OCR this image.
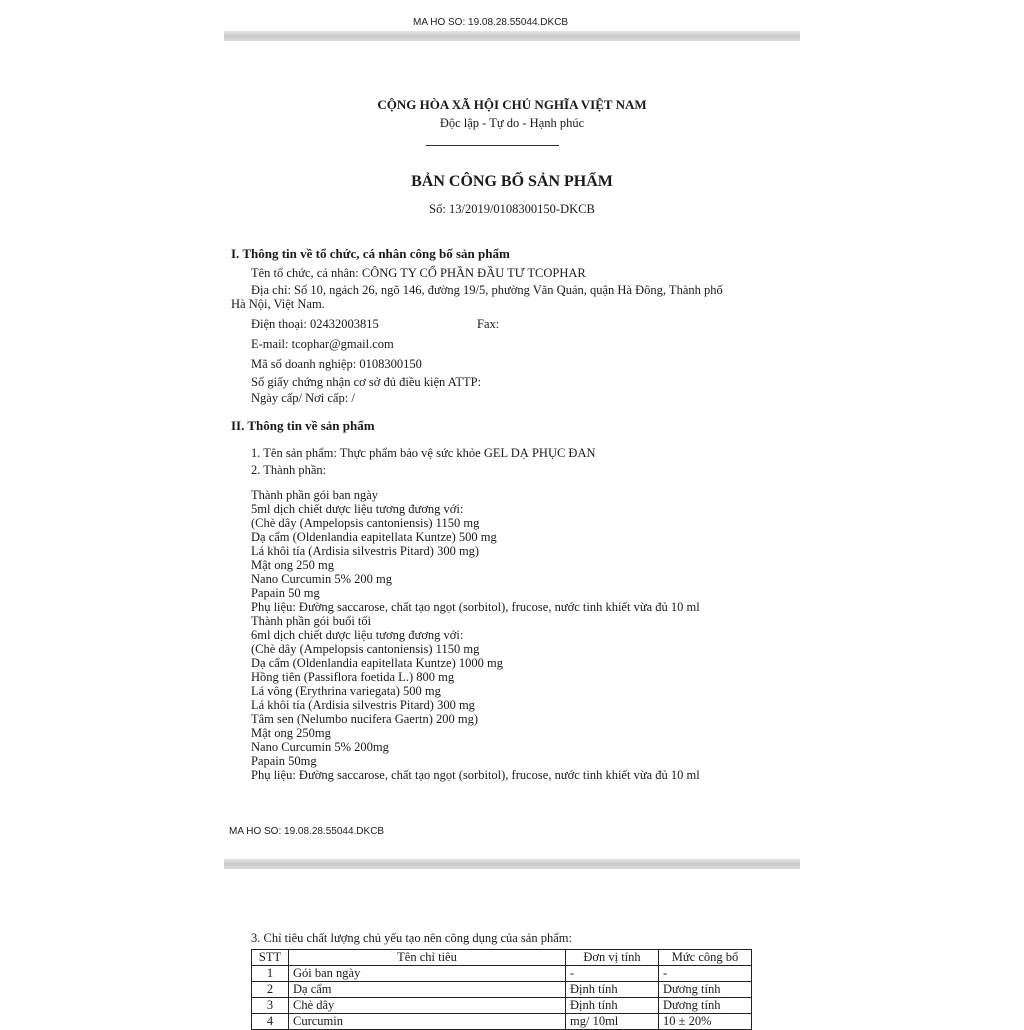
MA HO SO: 19.08.28.55044.DKCB
CỘNG HÒA XÃ HỘI CHỦ NGHĨA VIỆT NAM
Độc lập - Tự do - Hạnh phúc
BẢN CÔNG BỐ SẢN PHẨM
Số: 13/2019/0108300150-DKCB
I. Thông tin về tổ chức, cá nhân công bố sản phẩm
Tên tổ chức, cá nhân: CÔNG TY CỔ PHẦN ĐẦU TƯ TCOPHAR
Địa chỉ: Số 10, ngách 26, ngõ 146, đường 19/5, phường Văn Quán, quận Hà Đông, Thành phố
Hà Nội, Việt Nam.
Điện thoại: 02432003815	Fax:
E-mail: tcophar@gmail.com
Mã số doanh nghiệp: 0108300150
Số giấy chứng nhận cơ sở đủ điều kiện ATTP:
Ngày cấp/ Nơi cấp: /
II. Thông tin về sản phẩm
1. Tên sản phẩm: Thực phẩm bảo vệ sức khỏe GEL DẠ PHỤC ĐAN
2. Thành phần:
Thành phần gói ban ngày
5ml dịch chiết dược liệu tương đương với:
(Chè dây (Ampelopsis cantoniensis) 1150 mg
Dạ cẩm (Oldenlandia eapitellata Kuntze) 500 mg
Lá khôi tía (Ardisia silvestris Pitard) 300 mg)
Mật ong 250 mg
Nano Curcumin 5% 200 mg
Papain 50 mg
Phụ liệu: Đường saccarose, chất tạo ngọt (sorbitol), frucose, nước tinh khiết vừa đủ 10 ml
Thành phần gói buổi tối
6ml dịch chiết dược liệu tương đương với:
(Chè dây (Ampelopsis cantoniensis) 1150 mg
Dạ cẩm (Oldenlandia eapitellata Kuntze) 1000 mg
Hồng tiên (Passiflora foetida L.) 800 mg
Lá vông (Erythrina variegata) 500 mg
Lá khôi tía (Ardisia silvestris Pitard) 300 mg
Tâm sen (Nelumbo nucifera Gaertn) 200 mg)
Mật ong 250mg
Nano Curcumin 5% 200mg
Papain 50mg
Phụ liệu: Đường saccarose, chất tạo ngọt (sorbitol), frucose, nước tinh khiết vừa đủ 10 ml
MA HO SO: 19.08.28.55044.DKCB
3. Chỉ tiêu chất lượng chủ yếu tạo nên công dụng của sản phẩm:
STT	Tên chỉ tiêu	Đơn vị tính	Mức công bố
1	Gói ban ngày	-	-
2	Dạ cẩm	Định tính	Dương tính
3	Chè dây	Định tính	Dương tính
4	Curcumin	mg/ 10ml	10 ± 20%
